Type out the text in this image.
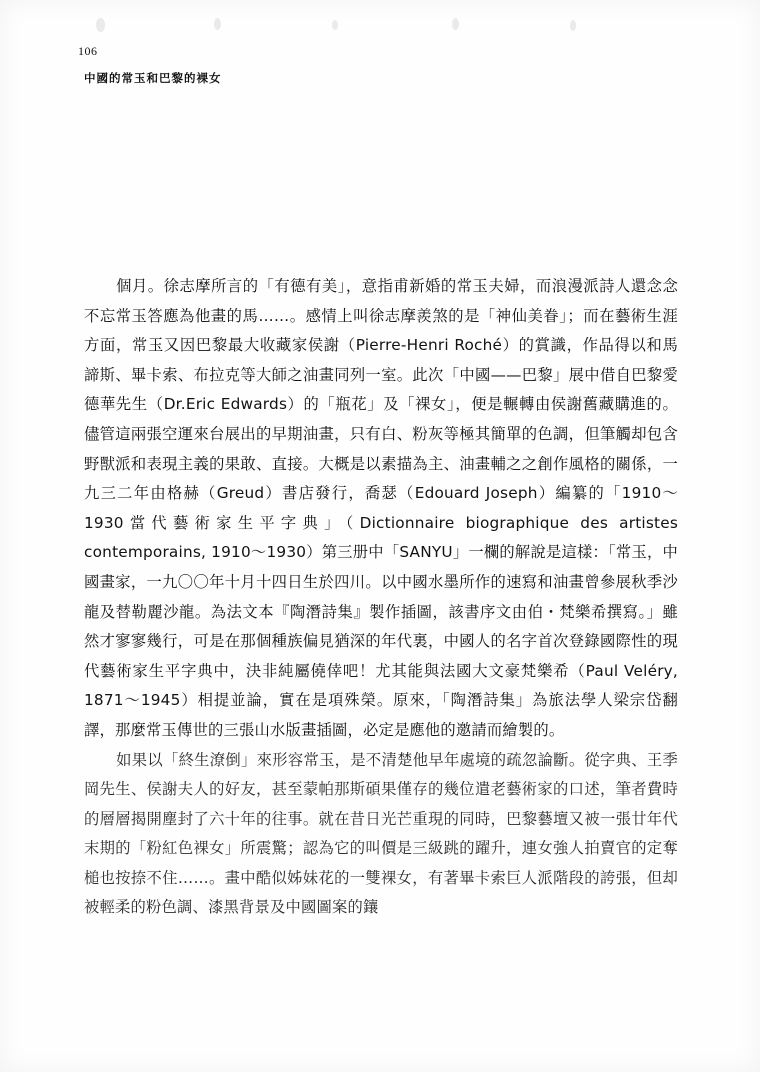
106
中國的常玉和巴黎的裸女

個月。徐志摩所言的「有德有美」，意指甫新婚的常玉夫婦，而浪漫派詩人還念念不忘常玉答應為他畫的馬……。感情上叫徐志摩羨煞的是「神仙美眷」；而在藝術生涯方面，常玉又因巴黎最大收藏家侯謝（Pierre-Henri Roché）的賞識，作品得以和馬諦斯、畢卡索、布拉克等大師之油畫同列一室。此次「中國——巴黎」展中借自巴黎愛德華先生（Dr.Eric Edwards）的「瓶花」及「裸女」，便是輾轉由侯謝舊藏購進的。儘管這兩張空運來台展出的早期油畫，只有白、粉灰等極其簡單的色調，但筆觸却包含野獸派和表現主義的果敢、直接。大概是以素描為主、油畫輔之之創作風格的關係，一九三二年由格赫（Greud）書店發行，喬瑟（Edouard Joseph）編纂的「1910～1930當代藝術家生平字典」（Dictionnaire biographique des artistes contemporains, 1910～1930）第三册中「SANYU」一欄的解說是這樣：「常玉，中國畫家，一九〇〇年十月十四日生於四川。以中國水墨所作的速寫和油畫曾參展秋季沙龍及替勒麗沙龍。為法文本『陶潛詩集』製作插圖，該書序文由伯・梵樂希撰寫。」雖然才寥寥幾行，可是在那個種族偏見猶深的年代裏，中國人的名字首次登錄國際性的現代藝術家生平字典中，決非純屬僥倖吧！尤其能與法國大文豪梵樂希（Paul Veléry, 1871～1945）相提並論，實在是項殊榮。原來，「陶潛詩集」為旅法學人梁宗岱翻譯，那麼常玉傳世的三張山水版畫插圖，必定是應他的邀請而繪製的。

如果以「終生潦倒」來形容常玉，是不清楚他早年處境的疏忽論斷。從字典、王季岡先生、侯謝夫人的好友，甚至蒙帕那斯碩果僅存的幾位遣老藝術家的口述，筆者費時的層層揭開塵封了六十年的往事。就在昔日光芒重現的同時，巴黎藝壇又被一張廿年代末期的「粉紅色裸女」所震驚；認為它的叫價是三級跳的躍升，連女強人拍賣官的定奪槌也按捺不住……。畫中酷似姊妹花的一雙裸女，有著畢卡索巨人派階段的誇張，但却被輕柔的粉色調、漆黑背景及中國圖案的鑲
